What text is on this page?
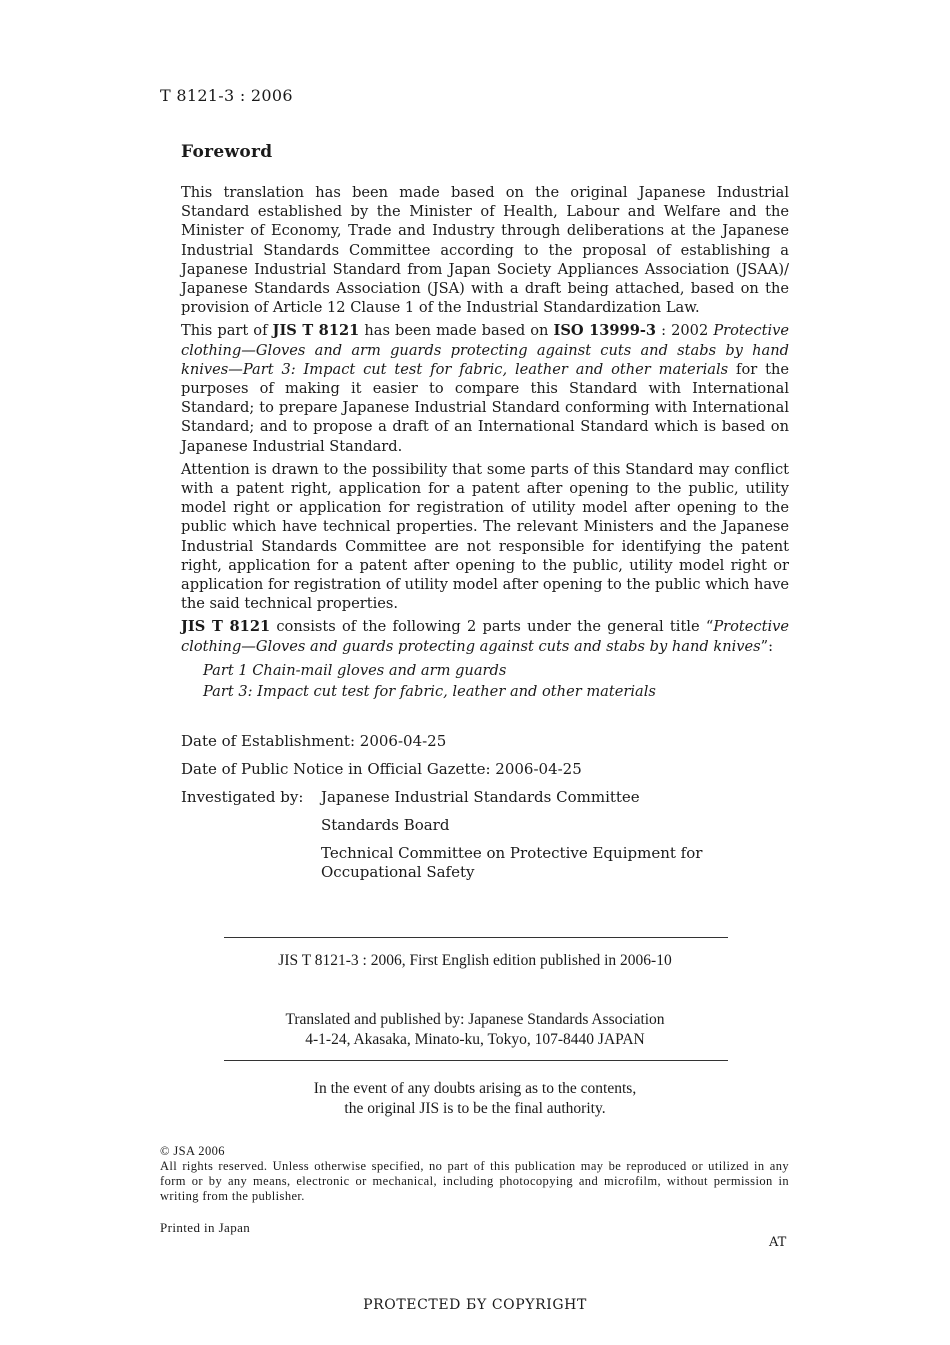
T 8121-3 : 2006
Foreword

This translation has been made based on the original Japanese Industrial Standard established by the Minister of Health, Labour and Welfare and the Minister of Economy, Trade and Industry through deliberations at the Japanese Industrial Standards Committee according to the proposal of establishing a Japanese Industrial Standard from Japan Society Appliances Association (JSAA)/ Japanese Standards Association (JSA) with a draft being attached, based on the provision of Article 12 Clause 1 of the Industrial Standardization Law.

This part of JIS T 8121 has been made based on ISO 13999-3 : 2002 Protective clothing—Gloves and arm guards protecting against cuts and stabs by hand knives—Part 3: Impact cut test for fabric, leather and other materials for the purposes of making it easier to compare this Standard with International Standard; to prepare Japanese Industrial Standard conforming with International Standard; and to propose a draft of an International Standard which is based on Japanese Industrial Standard.

Attention is drawn to the possibility that some parts of this Standard may conflict with a patent right, application for a patent after opening to the public, utility model right or application for registration of utility model after opening to the public which have technical properties. The relevant Ministers and the Japanese Industrial Standards Committee are not responsible for identifying the patent right, application for a patent after opening to the public, utility model right or application for registration of utility model after opening to the public which have the said technical properties.

JIS T 8121 consists of the following 2 parts under the general title “Protective clothing—Gloves and guards protecting against cuts and stabs by hand knives”:

Part 1 Chain-mail gloves and arm guards
Part 3: Impact cut test for fabric, leather and other materials
Date of Establishment: 2006-04-25
Date of Public Notice in Official Gazette: 2006-04-25
Investigated by:	Japanese Industrial Standards Committee
Standards Board
Technical Committee on Protective Equipment for Occupational Safety
JIS T 8121-3 : 2006, First English edition published in 2006-10
Translated and published by: Japanese Standards Association
4-1-24, Akasaka, Minato-ku, Tokyo, 107-8440 JAPAN
In the event of any doubts arising as to the contents,
the original JIS is to be the final authority.
© JSA 2006
All rights reserved. Unless otherwise specified, no part of this publication may be reproduced or utilized in any form or by any means, electronic or mechanical, including photocopying and microfilm, without permission in writing from the publisher.
Printed in Japan
AT
PROTECTED БY COPYRIGHT
